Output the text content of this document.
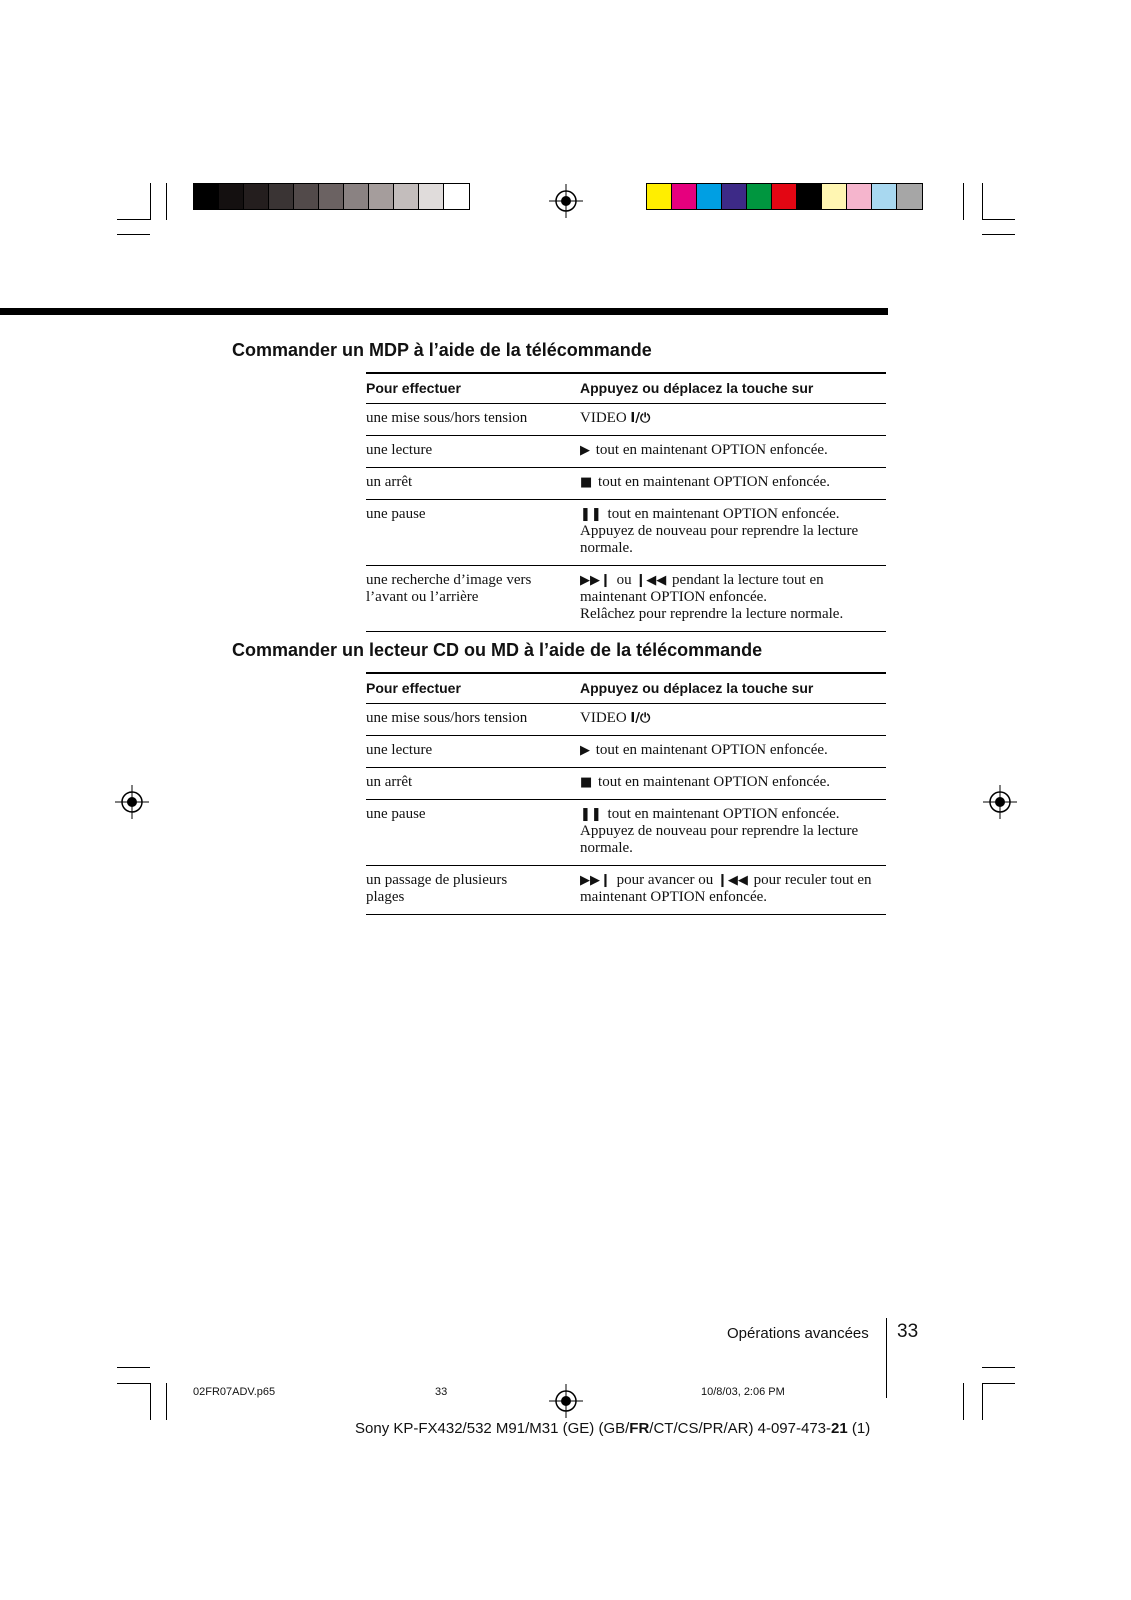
Commander un MDP à l’aide de la télécommande
Pour effectuer	Appuyez ou déplacez la touche sur
une mise sous/hors tension	VIDEO I/⏻
une lecture	▶ tout en maintenant OPTION enfoncée.
un arrêt	■ tout en maintenant OPTION enfoncée.
une pause	❚❚ tout en maintenant OPTION enfoncée.
Appuyez de nouveau pour reprendre la lecture normale.
une recherche d’image vers
l’avant ou l’arrière	▶▶❙ ou ❙◀◀ pendant la lecture tout en maintenant OPTION enfoncée.
Relâchez pour reprendre la lecture normale.
Commander un lecteur CD ou MD à l’aide de la télécommande
Pour effectuer	Appuyez ou déplacez la touche sur
une mise sous/hors tension	VIDEO I/⏻
une lecture	▶ tout en maintenant OPTION enfoncée.
un arrêt	■ tout en maintenant OPTION enfoncée.
une pause	❚❚ tout en maintenant OPTION enfoncée.
Appuyez de nouveau pour reprendre la lecture normale.
un passage de plusieurs
plages	▶▶❙ pour avancer ou ❙◀◀ pour reculer tout en maintenant OPTION enfoncée.
Opérations avancées 33
02FR07ADV.p65	33	10/8/03, 2:06 PM
Sony KP-FX432/532 M91/M31 (GE) (GB/FR/CT/CS/PR/AR) 4-097-473-21 (1)
